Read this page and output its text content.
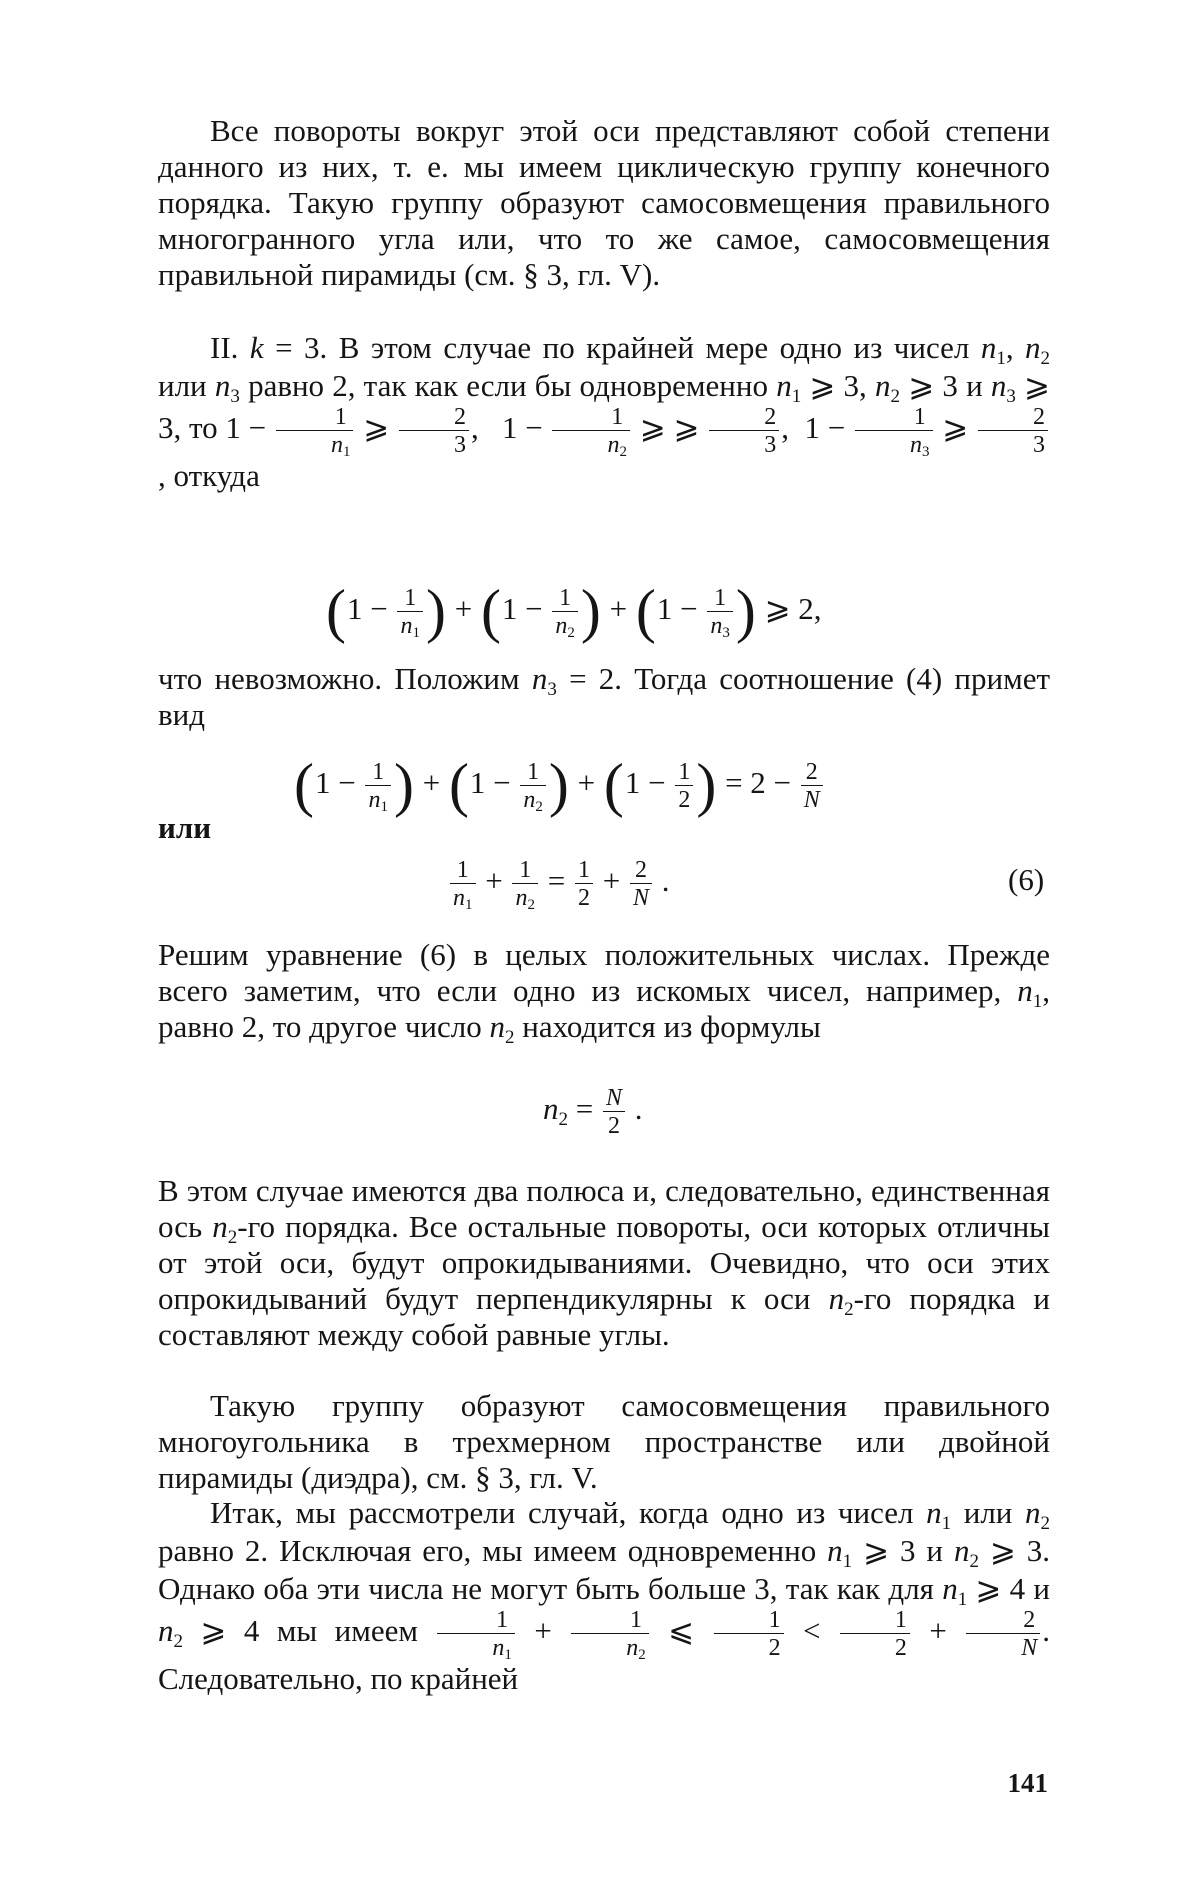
Все повороты вокруг этой оси представляют собой степени данного из них, т. е. мы имеем циклическую группу конечного порядка. Такую группу образуют самосовмещения правильного многогранного угла или, что то же самое, самосовмещения правильной пирамиды (см. § 3, гл. V).

II. k = 3. В этом случае по крайней мере одно из чисел $n_1$, $n_2$ или $n_3$ равно 2, так как если бы одновременно $n_1$ ⩾ 3, $n_2$ ⩾ 3 и $n_3$ ⩾ 3, то $1 - \frac{1}{n_1}$ ⩾ $\frac{2}{3}$ ,   $1 - \frac{1}{n_2}$ ⩾ ⩾ $\frac{2}{3}$ ,  $1 - \frac{1}{n_3}$ ⩾ $\frac{2}{3}$
, откуда

($1 - \frac{1}{n_1}$ ) + ($1 - \frac{1}{n_2}$ ) + ($1 - \frac{1}{n_3}$ ) ⩾ 2,

что невозможно. Положим $n_3 = 2$. Тогда соотношение (4) примет вид

($1 - \frac{1}{n_1}$ ) + ($1 - \frac{1}{n_2}$ ) + ($1 - \frac{1}{2}$ ) = $2 - \frac{2}{N}$
или
$\frac{1}{n_1} + \frac{1}{n_2} = \frac{1}{2} + \frac{2}{N}$ .	(6)

Решим уравнение (6) в целых положительных числах. Прежде всего заметим, что если одно из искомых чисел, например, $n_1$, равно 2, то другое число $n_2$ находится из формулы

$n_2 = \frac{N}{2}$ .

В этом случае имеются два полюса и, следовательно, единственная ось $n_2-го$ порядка. Все остальные повороты, оси которых отличны от этой оси, будут опрокидываниями. Очевидно, что оси этих опрокидываний будут перпендикулярны к оси $n_2-го$ порядка и составляют между собой равные углы.

Такую группу образуют самосовмещения правильного многоугольника в трехмерном пространстве или двойной пирамиды (диэдра), см. § 3, гл. V.

Итак, мы рассмотрели случай, когда одно из чисел $n_1$ или $n_2$ равно 2. Исключая его, мы имеем одновременно $n_1$ ⩾ 3 и $n_2$ ⩾ 3. Однако оба эти числа не могут быть больше 3, так как для $n_1$ ⩾ 4 и $n_2$ ⩾ 4 мы имеем $\frac{1}{n_1} + \frac{1}{n_2}$ ⩽ $\frac{1}{2} < \frac{1}{2} + \frac{2}{N}$ . Следовательно, по крайней

141
